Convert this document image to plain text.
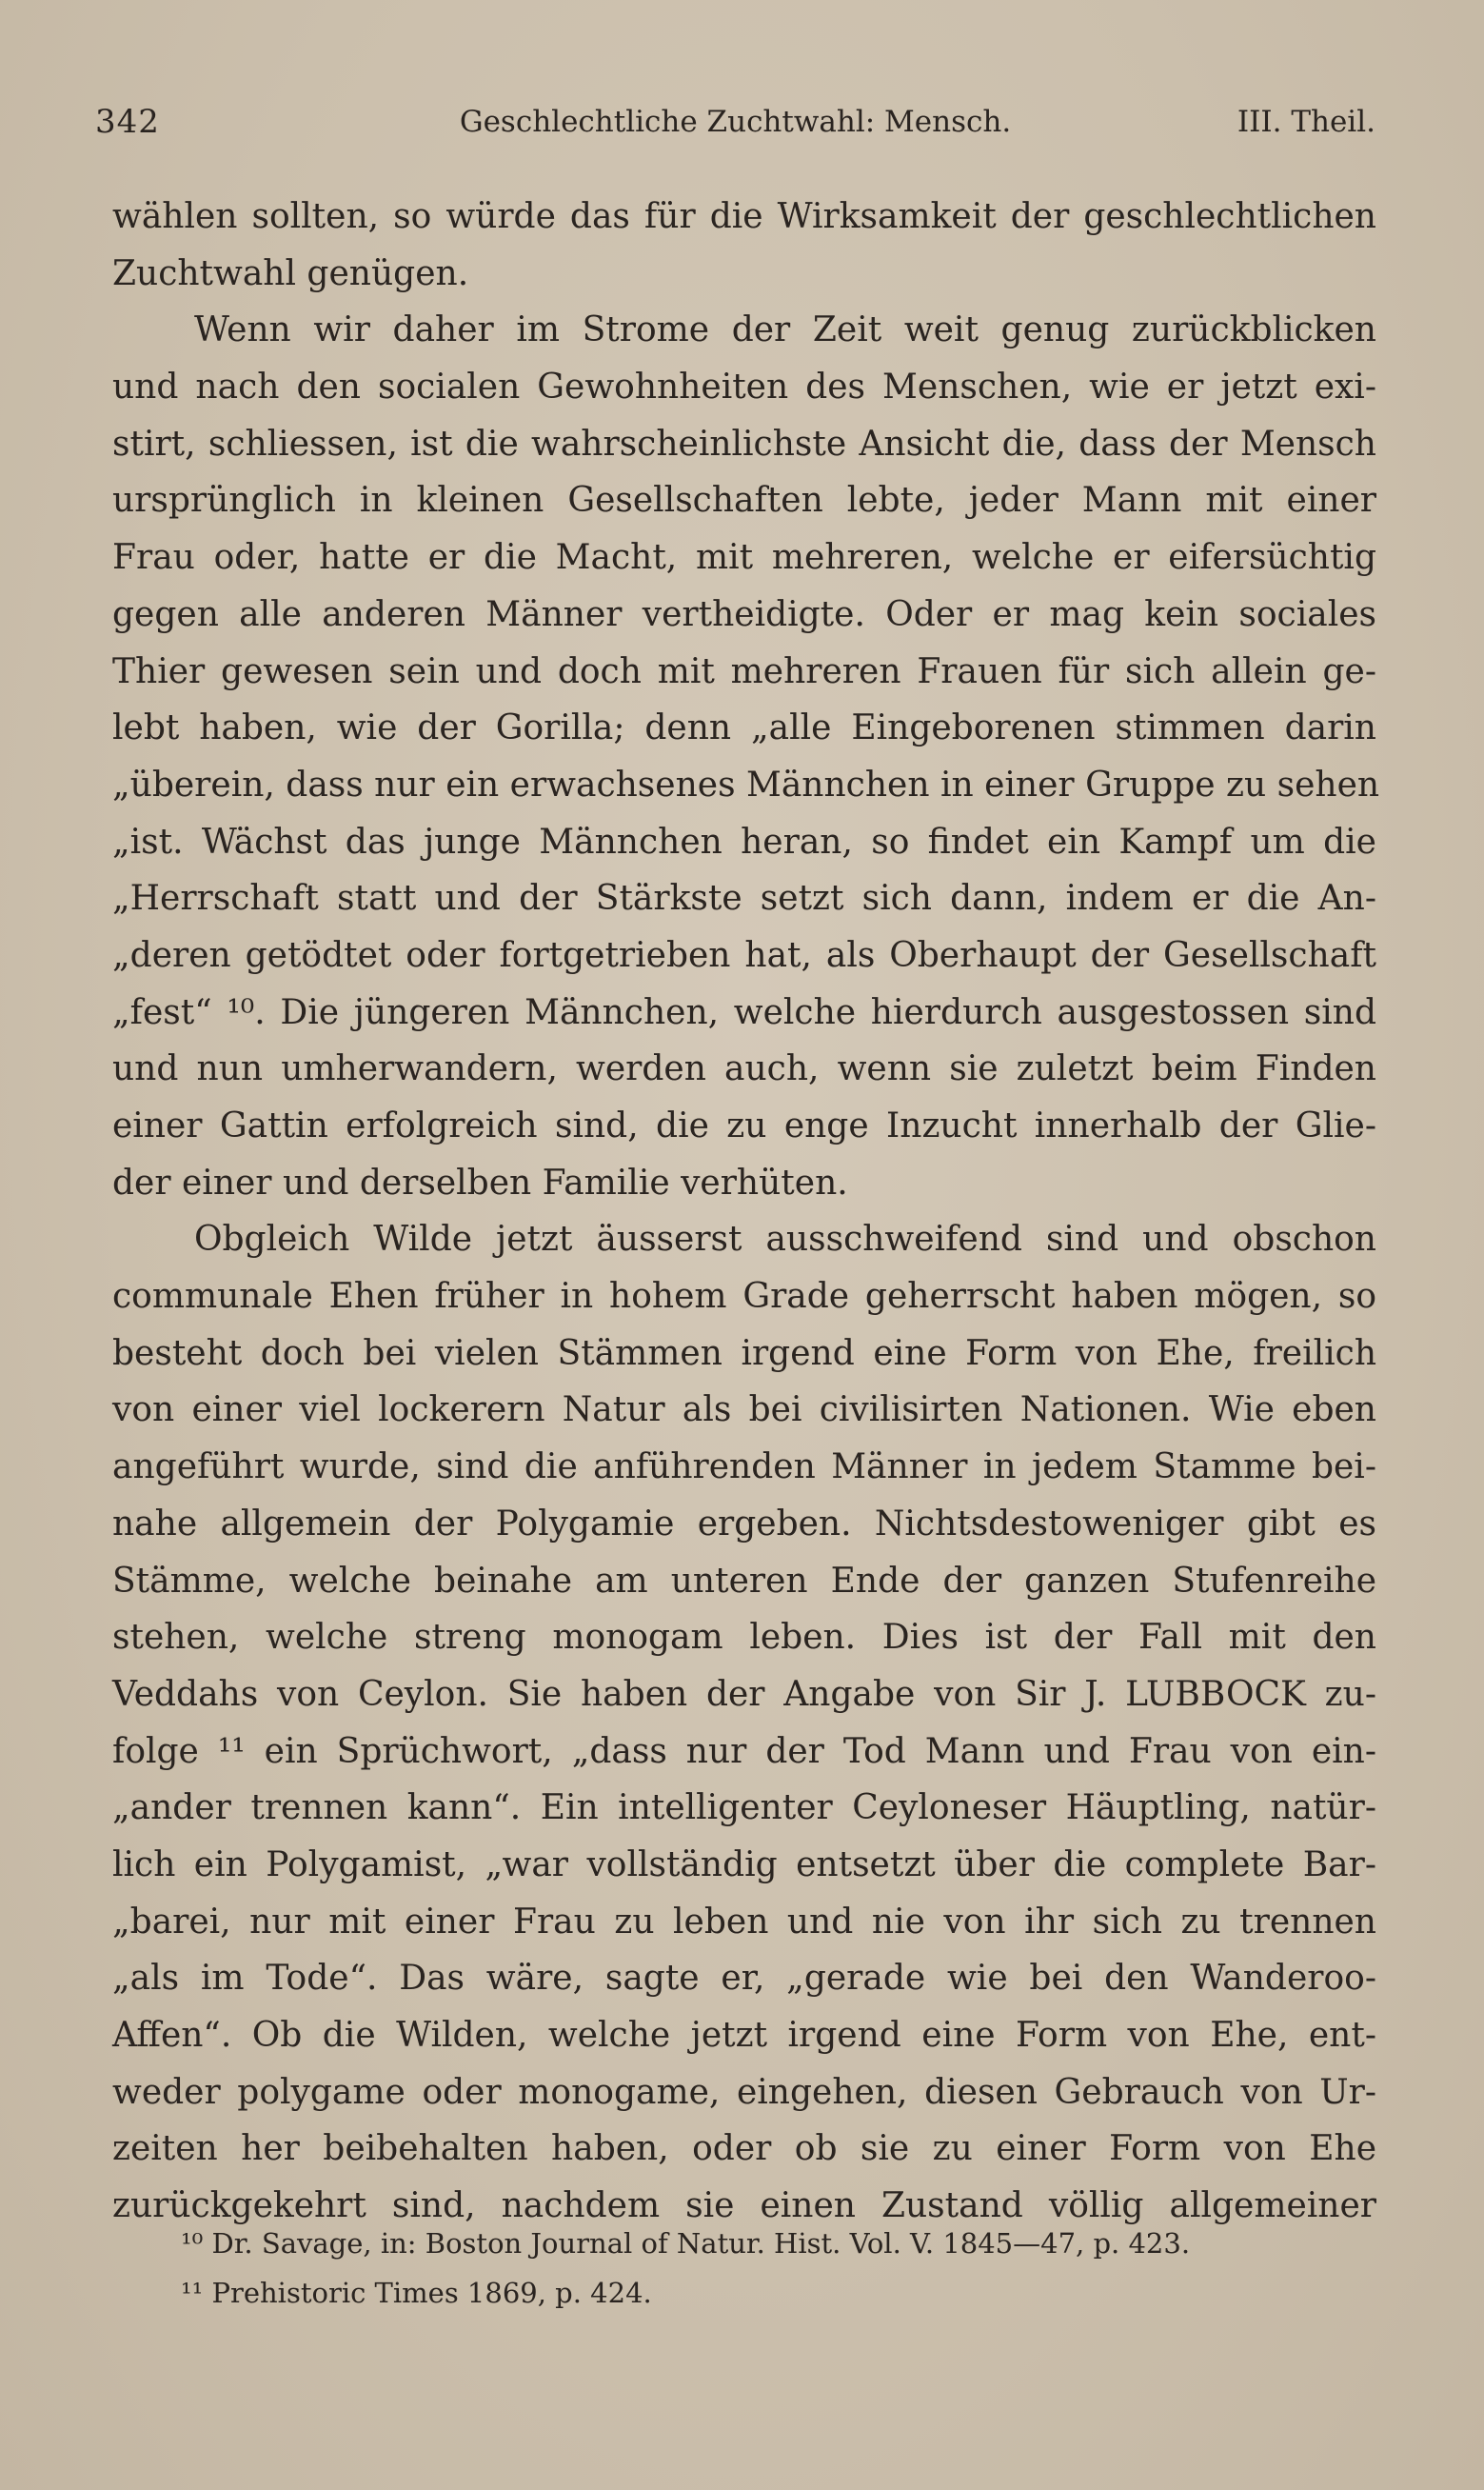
342	Geschlechtliche Zuchtwahl: Mensch.	III. Theil.
wählen sollten, so würde das für die Wirksamkeit der geschlechtlichen
Zuchtwahl genügen.
Wenn wir daher im Strome der Zeit weit genug zurückblicken
und nach den socialen Gewohnheiten des Menschen, wie er jetzt exi-
stirt, schliessen, ist die wahrscheinlichste Ansicht die, dass der Mensch
ursprünglich in kleinen Gesellschaften lebte, jeder Mann mit einer
Frau oder, hatte er die Macht, mit mehreren, welche er eifersüchtig
gegen alle anderen Männer vertheidigte. Oder er mag kein sociales
Thier gewesen sein und doch mit mehreren Frauen für sich allein ge-
lebt haben, wie der Gorilla; denn „alle Eingeborenen stimmen darin
„überein, dass nur ein erwachsenes Männchen in einer Gruppe zu sehen
„ist. Wächst das junge Männchen heran, so findet ein Kampf um die
„Herrschaft statt und der Stärkste setzt sich dann, indem er die An-
„deren getödtet oder fortgetrieben hat, als Oberhaupt der Gesellschaft
„fest“ ¹⁰. Die jüngeren Männchen, welche hierdurch ausgestossen sind
und nun umherwandern, werden auch, wenn sie zuletzt beim Finden
einer Gattin erfolgreich sind, die zu enge Inzucht innerhalb der Glie-
der einer und derselben Familie verhüten.
Obgleich Wilde jetzt äusserst ausschweifend sind und obschon
communale Ehen früher in hohem Grade geherrscht haben mögen, so
besteht doch bei vielen Stämmen irgend eine Form von Ehe, freilich
von einer viel lockerern Natur als bei civilisirten Nationen. Wie eben
angeführt wurde, sind die anführenden Männer in jedem Stamme bei-
nahe allgemein der Polygamie ergeben. Nichtsdestoweniger gibt es
Stämme, welche beinahe am unteren Ende der ganzen Stufenreihe
stehen, welche streng monogam leben. Dies ist der Fall mit den
Veddahs von Ceylon. Sie haben der Angabe von Sir J. LUBBOCK zu-
folge ¹¹ ein Sprüchwort, „dass nur der Tod Mann und Frau von ein-
„ander trennen kann“. Ein intelligenter Ceyloneser Häuptling, natür-
lich ein Polygamist, „war vollständig entsetzt über die complete Bar-
„barei, nur mit einer Frau zu leben und nie von ihr sich zu trennen
„als im Tode“. Das wäre, sagte er, „gerade wie bei den Wanderoo-
Affen“. Ob die Wilden, welche jetzt irgend eine Form von Ehe, ent-
weder polygame oder monogame, eingehen, diesen Gebrauch von Ur-
zeiten her beibehalten haben, oder ob sie zu einer Form von Ehe
zurückgekehrt sind, nachdem sie einen Zustand völlig allgemeiner
¹⁰ Dr. Savage, in: Boston Journal of Natur. Hist. Vol. V. 1845—47, p. 423.
¹¹ Prehistoric Times 1869, p. 424.
